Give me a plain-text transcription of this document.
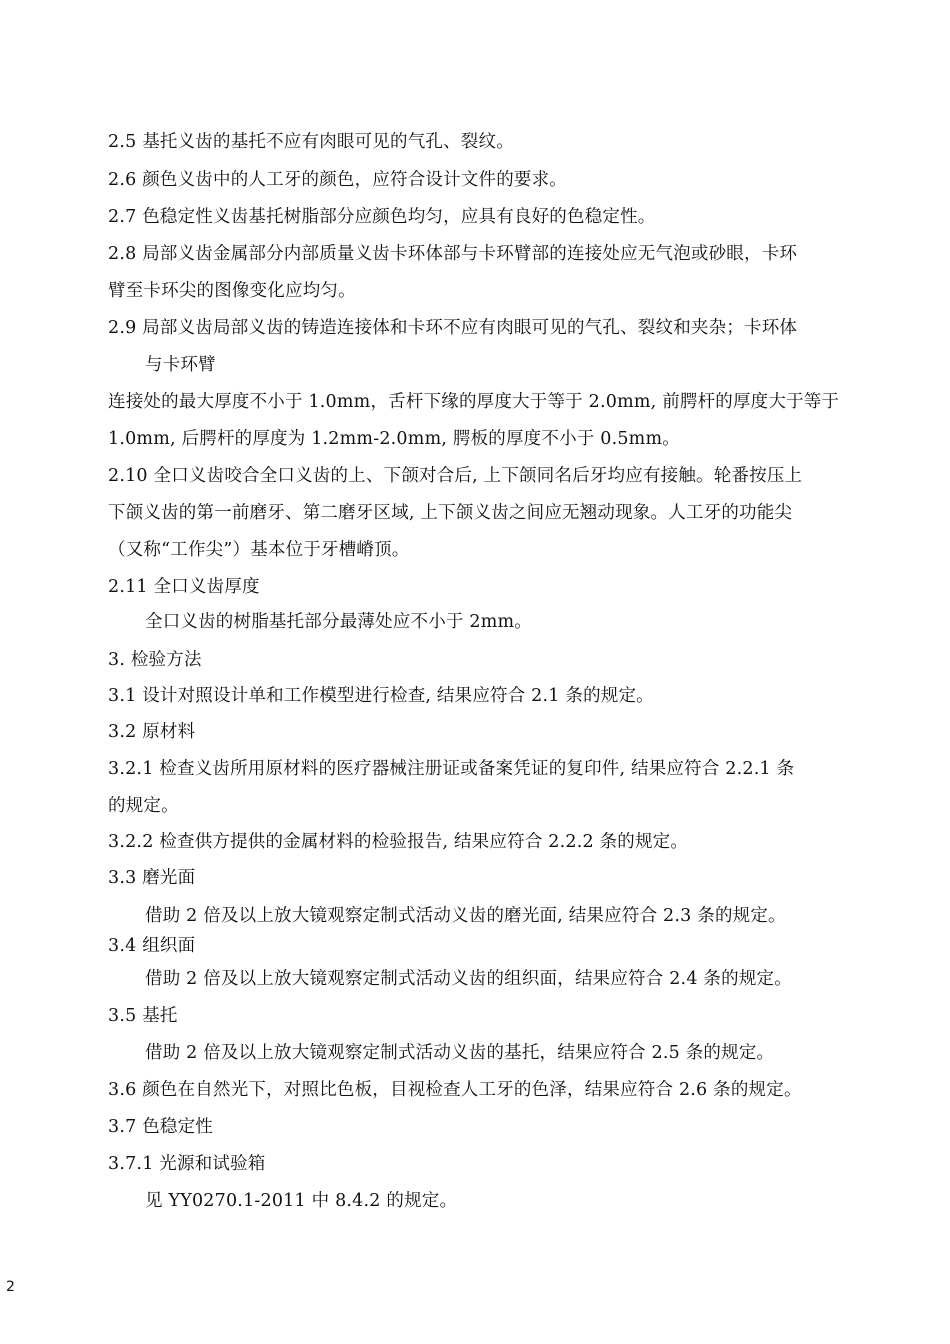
2.5 基托义齿的基托不应有肉眼可见的气孔、裂纹。
2.6 颜色义齿中的人工牙的颜色，应符合设计文件的要求。
2.7 色稳定性义齿基托树脂部分应颜色均匀，应具有良好的色稳定性。
2.8 局部义齿金属部分内部质量义齿卡环体部与卡环臂部的连接处应无气泡或砂眼，卡环
臂至卡环尖的图像变化应均匀。
2.9 局部义齿局部义齿的铸造连接体和卡环不应有肉眼可见的气孔、裂纹和夹杂；卡环体
与卡环臂
连接处的最大厚度不小于 1.0mm，舌杆下缘的厚度大于等于 2.0mm, 前腭杆的厚度大于等于
1.0mm, 后腭杆的厚度为 1.2mm-2.0mm, 腭板的厚度不小于 0.5mm。
2.10 全口义齿咬合全口义齿的上、下颌对合后, 上下颌同名后牙均应有接触。轮番按压上
下颌义齿的第一前磨牙、第二磨牙区域, 上下颌义齿之间应无翘动现象。人工牙的功能尖
（又称“工作尖”）基本位于牙槽嵴顶。
2.11 全口义齿厚度
全口义齿的树脂基托部分最薄处应不小于 2mm。
3. 检验方法
3.1 设计对照设计单和工作模型进行检查, 结果应符合 2.1 条的规定。
3.2 原材料
3.2.1 检查义齿所用原材料的医疗器械注册证或备案凭证的复印件, 结果应符合 2.2.1 条
的规定。
3.2.2 检查供方提供的金属材料的检验报告, 结果应符合 2.2.2 条的规定。
3.3 磨光面
借助 2 倍及以上放大镜观察定制式活动义齿的磨光面, 结果应符合 2.3 条的规定。
3.4 组织面
借助 2 倍及以上放大镜观察定制式活动义齿的组织面，结果应符合 2.4 条的规定。
3.5 基托
借助 2 倍及以上放大镜观察定制式活动义齿的基托，结果应符合 2.5 条的规定。
3.6 颜色在自然光下，对照比色板，目视检查人工牙的色泽，结果应符合 2.6 条的规定。
3.7 色稳定性
3.7.1 光源和试验箱
见 YY0270.1-2011 中 8.4.2 的规定。
2
